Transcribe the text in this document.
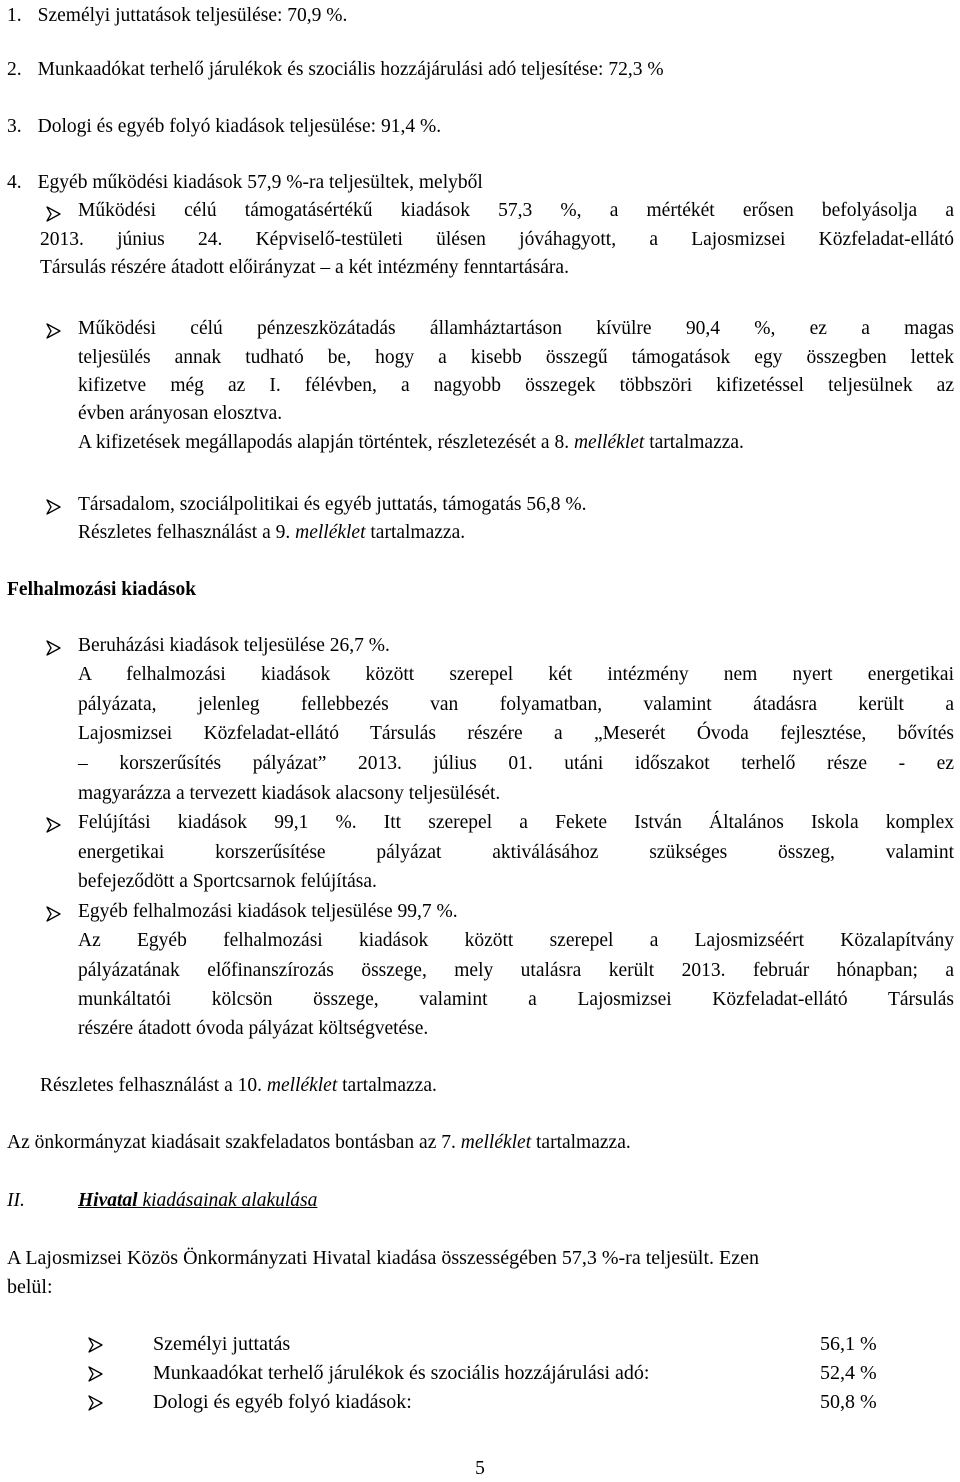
1. Személyi juttatások teljesülése: 70,9 %.
2. Munkaadókat terhelő járulékok és szociális hozzájárulási adó teljesítése: 72,3 %
3. Dologi és egyéb folyó kiadások teljesülése: 91,4 %.
4. Egyéb működési kiadások 57,9 %-ra teljesültek, melyből
Működési célú támogatásértékű kiadások 57,3 %, a mértékét erősen befolyásolja a
2013. június 24. Képviselő-testületi ülésen jóváhagyott, a Lajosmizsei Közfeladat-ellátó
Társulás részére átadott előirányzat – a két intézmény fenntartására.
Működési célú pénzeszközátadás államháztartáson kívülre 90,4 %, ez a magas
teljesülés annak tudható be, hogy a kisebb összegű támogatások egy összegben lettek
kifizetve még az I. félévben, a nagyobb összegek többszöri kifizetéssel teljesülnek az
évben arányosan elosztva.
A kifizetések megállapodás alapján történtek, részletezését a 8. melléklet tartalmazza.
Társadalom, szociálpolitikai és egyéb juttatás, támogatás 56,8 %.
Részletes felhasználást a 9. melléklet tartalmazza.
Felhalmozási kiadások
Beruházási kiadások teljesülése 26,7 %.
A felhalmozási kiadások között szerepel két intézmény nem nyert energetikai
pályázata, jelenleg fellebbezés van folyamatban, valamint átadásra került a
Lajosmizsei Közfeladat-ellátó Társulás részére a „Meserét Óvoda fejlesztése, bővítés
– korszerűsítés pályázat” 2013. július 01. utáni időszakot terhelő része - ez
magyarázza a tervezett kiadások alacsony teljesülését.
Felújítási kiadások 99,1 %. Itt szerepel a Fekete István Általános Iskola komplex
energetikai korszerűsítése pályázat aktiválásához szükséges összeg, valamint
befejeződött a Sportcsarnok felújítása.
Egyéb felhalmozási kiadások teljesülése 99,7 %.
Az Egyéb felhalmozási kiadások között szerepel a Lajosmizséért Közalapítvány
pályázatának előfinanszírozás összege, mely utalásra került 2013. február hónapban; a
munkáltatói kölcsön összege, valamint a Lajosmizsei Közfeladat-ellátó Társulás
részére átadott óvoda pályázat költségvetése.
Részletes felhasználást a 10. melléklet tartalmazza.
Az önkormányzat kiadásait szakfeladatos bontásban az 7. melléklet tartalmazza.
II.	Hivatal kiadásainak alakulása
A Lajosmizsei Közös Önkormányzati Hivatal kiadása összességében 57,3 %-ra teljesült. Ezen
belül:
Személyi juttatás	56,1 %
Munkaadókat terhelő járulékok és szociális hozzájárulási adó:	52,4 %
Dologi és egyéb folyó kiadások:	50,8 %
5
